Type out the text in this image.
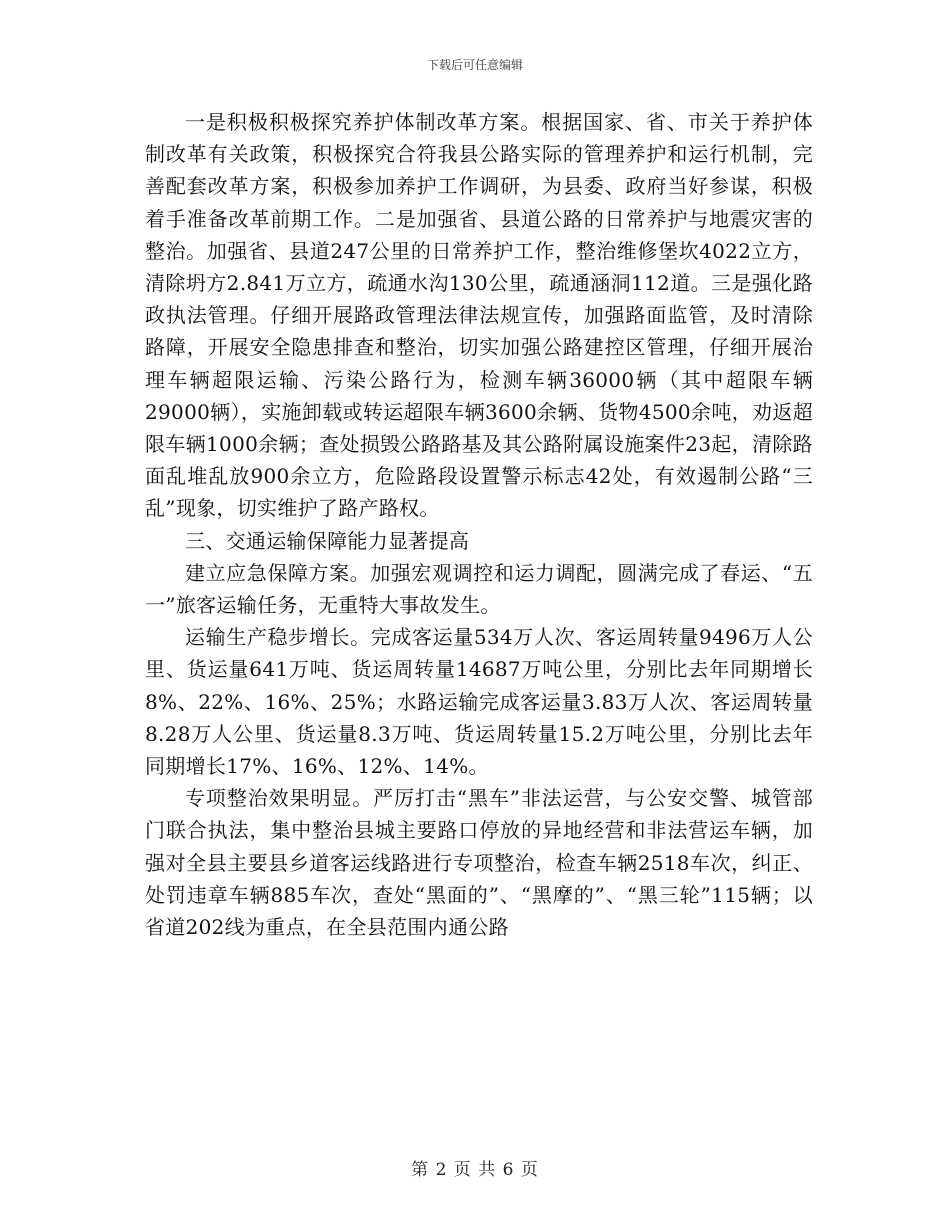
下载后可任意编辑

一是积极积极探究养护体制改革方案。根据国家、省、市关于养护体制改革有关政策，积极探究合符我县公路实际的管理养护和运行机制，完善配套改革方案，积极参加养护工作调研，为县委、政府当好参谋，积极着手准备改革前期工作。二是加强省、县道公路的日常养护与地震灾害的整治。加强省、县道247公里的日常养护工作，整治维修堡坎4022立方，清除坍方2.841万立方，疏通水沟130公里，疏通涵洞112道。三是强化路政执法管理。仔细开展路政管理法律法规宣传，加强路面监管，及时清除路障，开展安全隐患排查和整治，切实加强公路建控区管理，仔细开展治理车辆超限运输、污染公路行为，检测车辆36000辆（其中超限车辆29000辆），实施卸载或转运超限车辆3600余辆、货物4500余吨，劝返超限车辆1000余辆；查处损毁公路路基及其公路附属设施案件23起，清除路面乱堆乱放900余立方，危险路段设置警示标志42处，有效遏制公路“三乱”现象，切实维护了路产路权。

三、交通运输保障能力显著提高

建立应急保障方案。加强宏观调控和运力调配，圆满完成了春运、“五一”旅客运输任务，无重特大事故发生。

运输生产稳步增长。完成客运量534万人次、客运周转量9496万人公里、货运量641万吨、货运周转量14687万吨公里，分别比去年同期增长8%、22%、16%、25%；水路运输完成客运量3.83万人次、客运周转量8.28万人公里、货运量8.3万吨、货运周转量15.2万吨公里，分别比去年同期增长17%、16%、12%、14%。

专项整治效果明显。严厉打击“黑车”非法运营，与公安交警、城管部门联合执法，集中整治县城主要路口停放的异地经营和非法营运车辆，加强对全县主要县乡道客运线路进行专项整治，检查车辆2518车次，纠正、处罚违章车辆885车次，查处“黑面的”、“黑摩的”、“黑三轮”115辆；以省道202线为重点，在全县范围内通公路

第 2 页 共 6 页
